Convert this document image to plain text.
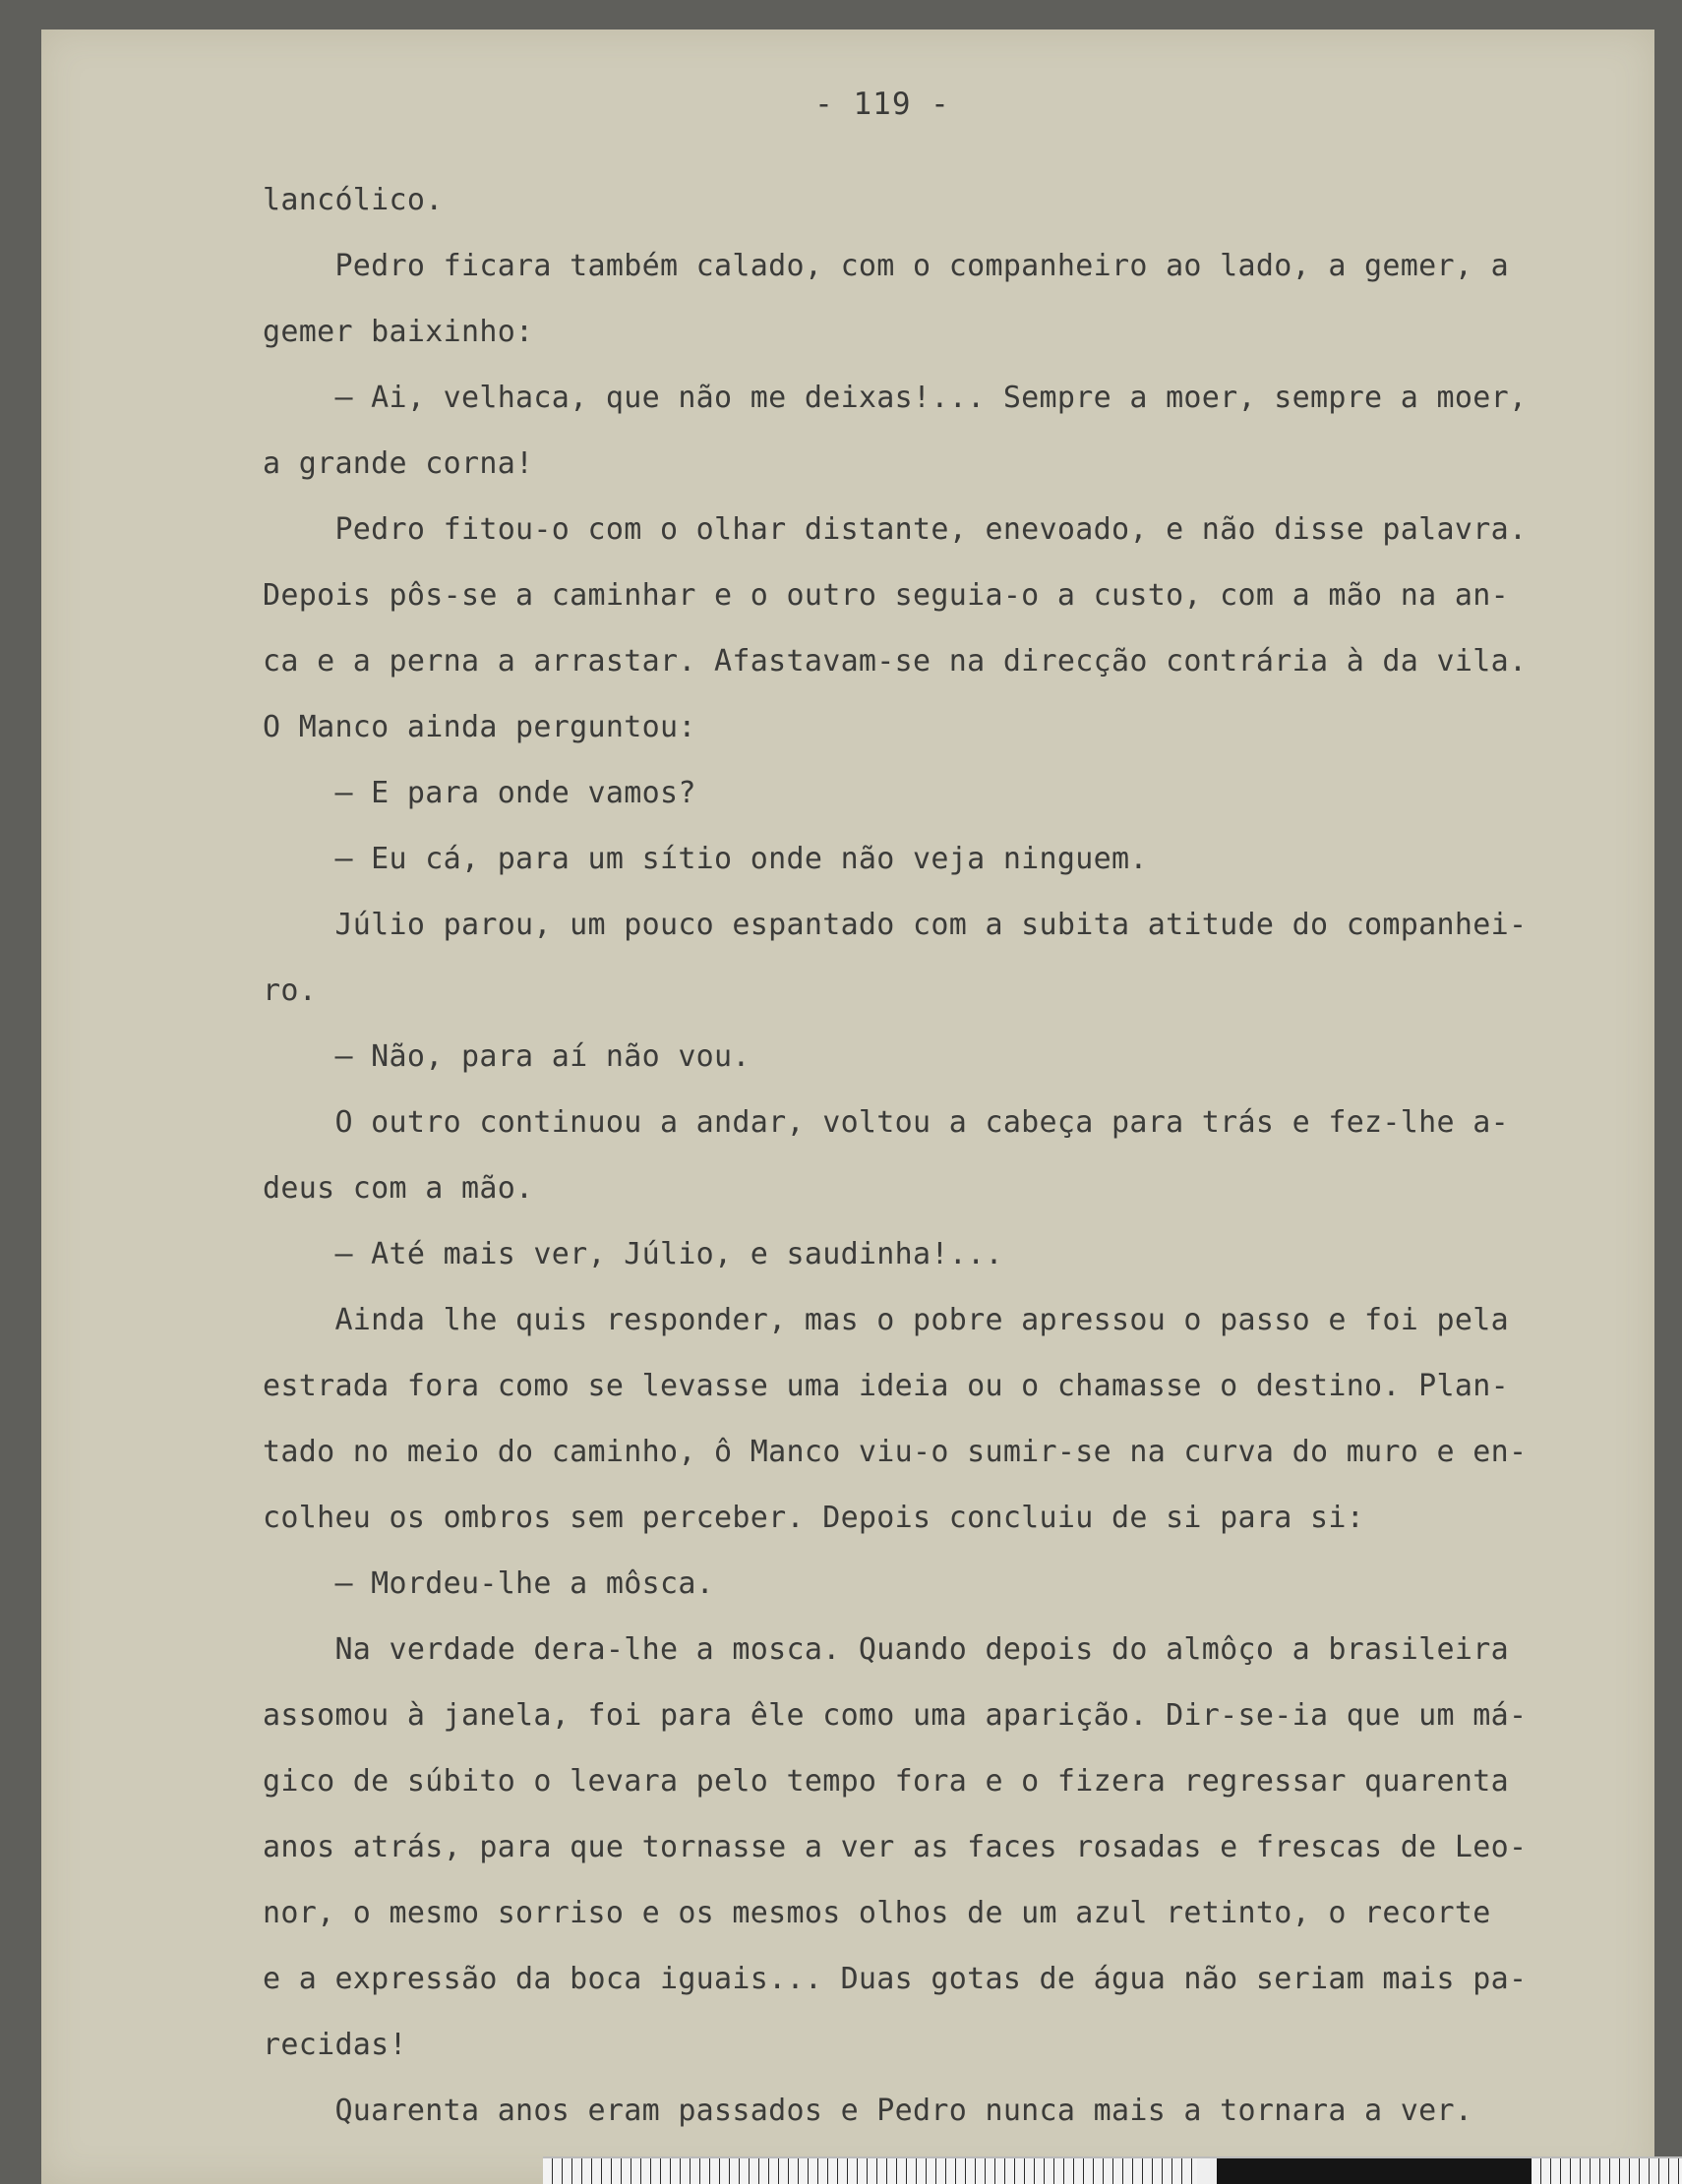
- 119 -
lancólico.
Pedro ficara também calado, com o companheiro ao lado, a gemer, a
gemer baixinho:
— Ai, velhaca, que não me deixas!... Sempre a moer, sempre a moer,
a grande corna!
Pedro fitou-o com o olhar distante, enevoado, e não disse palavra.
Depois pôs-se a caminhar e o outro seguia-o a custo, com a mão na an-
ca e a perna a arrastar. Afastavam-se na direcção contrária à da vila.
O Manco ainda perguntou:
— E para onde vamos?
— Eu cá, para um sítio onde não veja ninguem.
Júlio parou, um pouco espantado com a subita atitude do companhei-
ro.
— Não, para aí não vou.
O outro continuou a andar, voltou a cabeça para trás e fez-lhe a-
deus com a mão.
— Até mais ver, Júlio, e saudinha!...
Ainda lhe quis responder, mas o pobre apressou o passo e foi pela
estrada fora como se levasse uma ideia ou o chamasse o destino. Plan-
tado no meio do caminho, ô Manco viu-o sumir-se na curva do muro e en-
colheu os ombros sem perceber. Depois concluiu de si para si:
— Mordeu-lhe a môsca.
Na verdade dera-lhe a mosca. Quando depois do almôço a brasileira
assomou à janela, foi para êle como uma aparição. Dir-se-ia que um má-
gico de súbito o levara pelo tempo fora e o fizera regressar quarenta
anos atrás, para que tornasse a ver as faces rosadas e frescas de Leo-
nor, o mesmo sorriso e os mesmos olhos de um azul retinto, o recorte
e a expressão da boca iguais... Duas gotas de água não seriam mais pa-
recidas!
Quarenta anos eram passados e Pedro nunca mais a tornara a ver.
